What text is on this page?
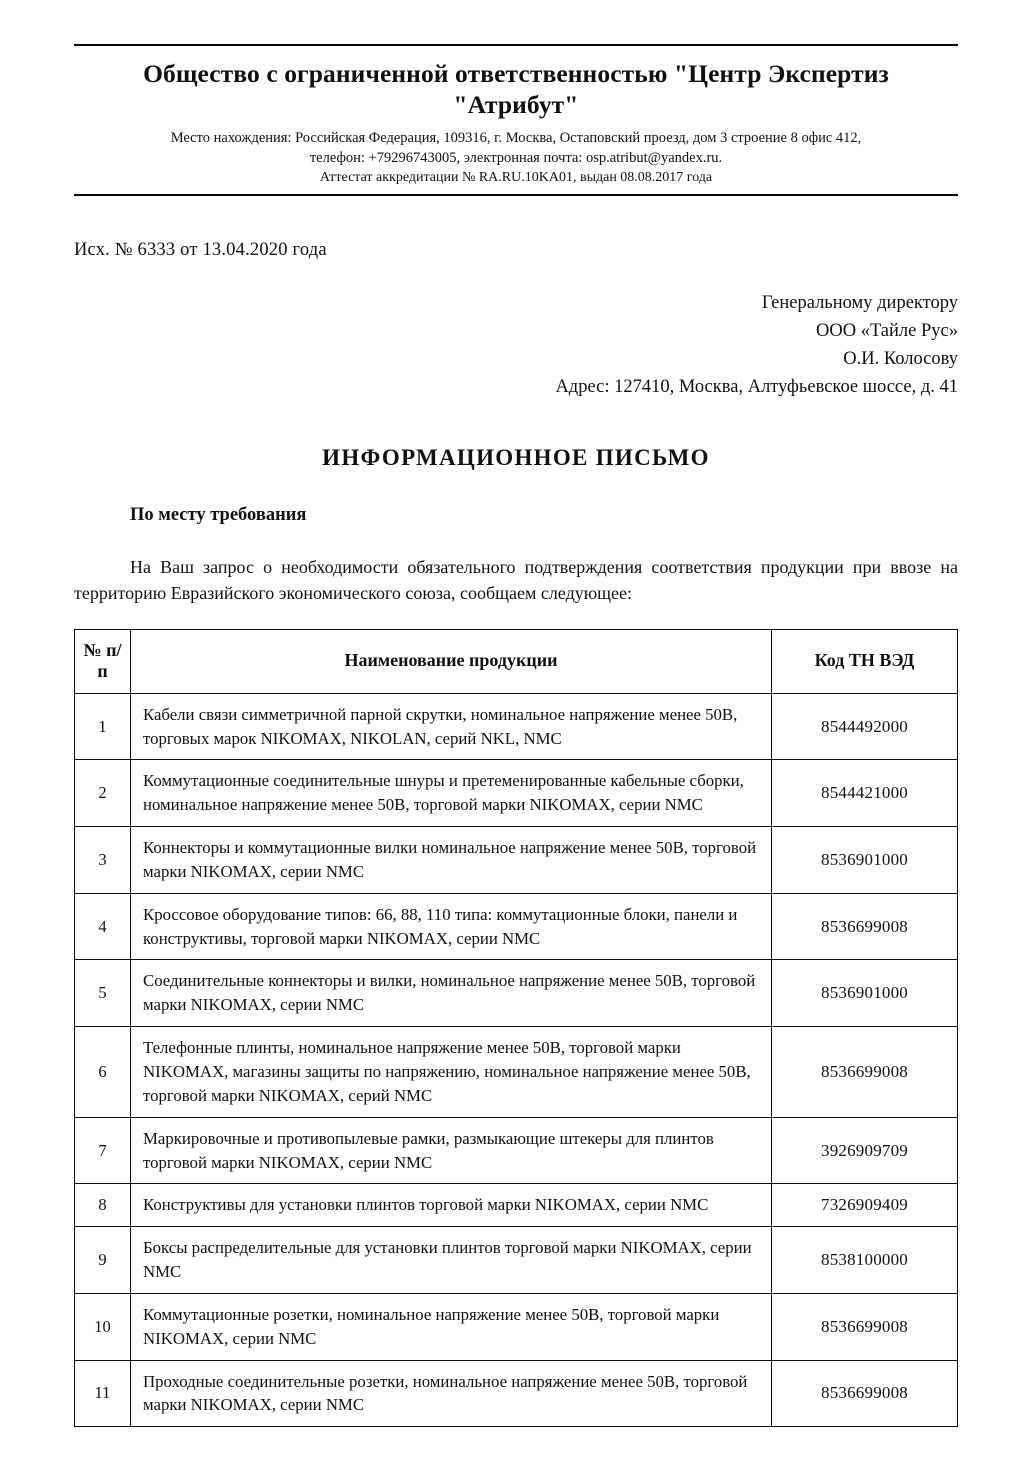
Общество с ограниченной ответственностью "Центр Экспертиз "Атрибут"
Место нахождения: Российская Федерация, 109316, г. Москва, Остаповский проезд, дом 3 строение 8 офис 412,
телефон: +79296743005, электронная почта: osp.atribut@yandex.ru.
Аттестат аккредитации № RA.RU.10KA01, выдан 08.08.2017 года
Исх. № 6333 от 13.04.2020 года
Генеральному директору
ООО «Тайле Рус»
О.И. Колосову
Адрес: 127410, Москва, Алтуфьевское шоссе, д. 41
ИНФОРМАЦИОННОЕ ПИСЬМО
По месту требования

На Ваш запрос о необходимости обязательного подтверждения соответствия продукции при ввозе на территорию Евразийского экономического союза, сообщаем следующее:

№ п/п	Наименование продукции	Код ТН ВЭД
1	Кабели связи симметричной парной скрутки, номинальное напряжение менее 50В, торговых марок NIKOMAX, NIKOLAN, серий NKL, NMC	8544492000
2	Коммутационные соединительные шнуры и претеменированные кабельные сборки, номинальное напряжение менее 50В, торговой марки NIKOMAX, серии NMC	8544421000
3	Коннекторы и коммутационные вилки номинальное напряжение менее 50В, торговой марки NIKOMAX, серии NMC	8536901000
4	Кроссовое оборудование типов: 66, 88, 110 типа: коммутационные блоки, панели и конструктивы, торговой марки NIKOMAX, серии NMC	8536699008
5	Соединительные коннекторы и вилки, номинальное напряжение менее 50В, торговой марки NIKOMAX, серии NMC	8536901000
6	Телефонные плинты, номинальное напряжение менее 50В, торговой марки NIKOMAX, магазины защиты по напряжению, номинальное напряжение менее 50В, торговой марки NIKOMAX, серий NMC	8536699008
7	Маркировочные и противопылевые рамки, размыкающие штекеры для плинтов торговой марки NIKOMAX, серии NMC	3926909709
8	Конструктивы для установки плинтов торговой марки NIKOMAX, серии NMC	7326909409
9	Боксы распределительные для установки плинтов торговой марки NIKOMAX, серии NMC	8538100000
10	Коммутационные розетки, номинальное напряжение менее 50В, торговой марки NIKOMAX, серии NMC	8536699008
11	Проходные соединительные розетки, номинальное напряжение менее 50В, торговой марки NIKOMAX, серии NMC	8536699008
